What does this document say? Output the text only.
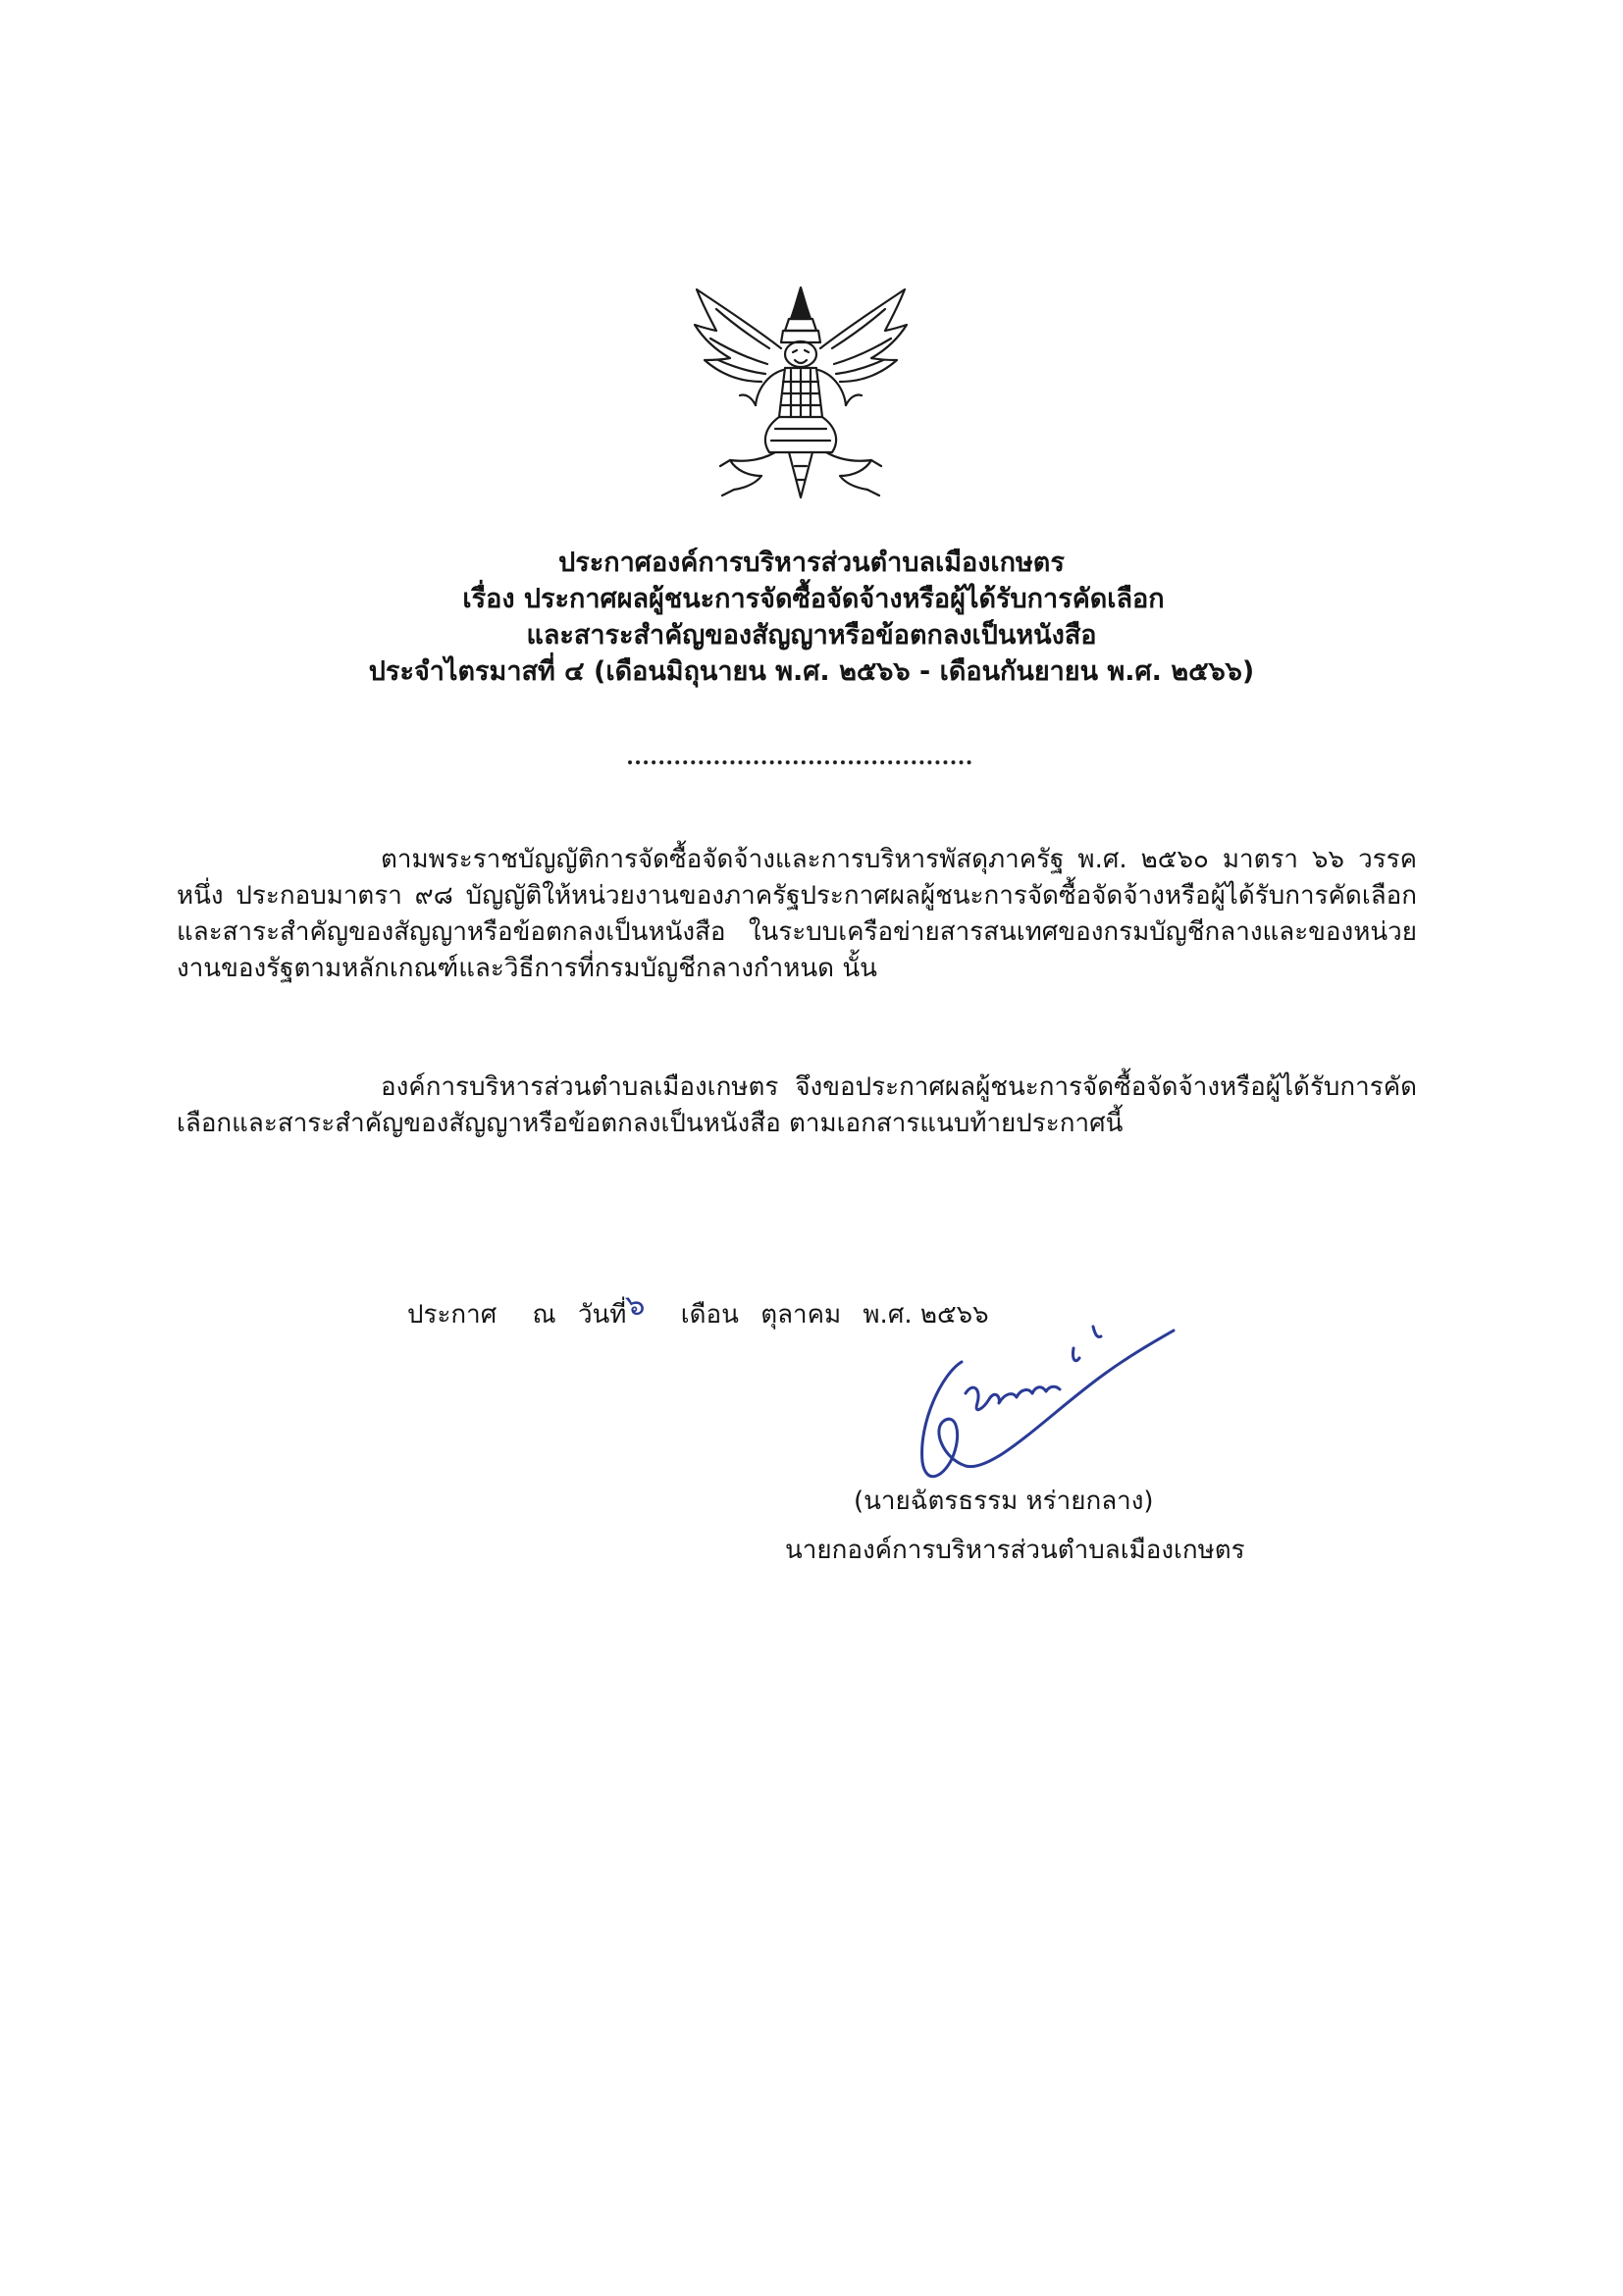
ประกาศองค์การบริหารส่วนตำบลเมืองเกษตร
เรื่อง ประกาศผลผู้ชนะการจัดซื้อจัดจ้างหรือผู้ได้รับการคัดเลือก
และสาระสำคัญของสัญญาหรือข้อตกลงเป็นหนังสือ
ประจำไตรมาสที่ ๔ (เดือนมิถุนายน พ.ศ. ๒๕๖๖ - เดือนกันยายน พ.ศ. ๒๕๖๖)

ตามพระราชบัญญัติการจัดซื้อจัดจ้างและการบริหารพัสดุภาครัฐ พ.ศ. ๒๕๖๐ มาตรา ๖๖ วรรคหนึ่ง ประกอบมาตรา ๙๘ บัญญัติให้หน่วยงานของภาครัฐประกาศผลผู้ชนะการจัดซื้อจัดจ้างหรือผู้ได้รับการคัดเลือกและสาระสำคัญของสัญญาหรือข้อตกลงเป็นหนังสือ ในระบบเครือข่ายสารสนเทศของกรมบัญชีกลางและของหน่วยงานของรัฐตามหลักเกณฑ์และวิธีการที่กรมบัญชีกลางกำหนด นั้น

องค์การบริหารส่วนตำบลเมืองเกษตร จึงขอประกาศผลผู้ชนะการจัดซื้อจัดจ้างหรือผู้ได้รับการคัดเลือกและสาระสำคัญของสัญญาหรือข้อตกลงเป็นหนังสือ ตามเอกสารแนบท้ายประกาศนี้

ประกาศ ณ วันที่๖ เดือน ตุลาคม พ.ศ. ๒๕๖๖
(นายฉัตรธรรม หร่ายกลาง)
นายกองค์การบริหารส่วนตำบลเมืองเกษตร
